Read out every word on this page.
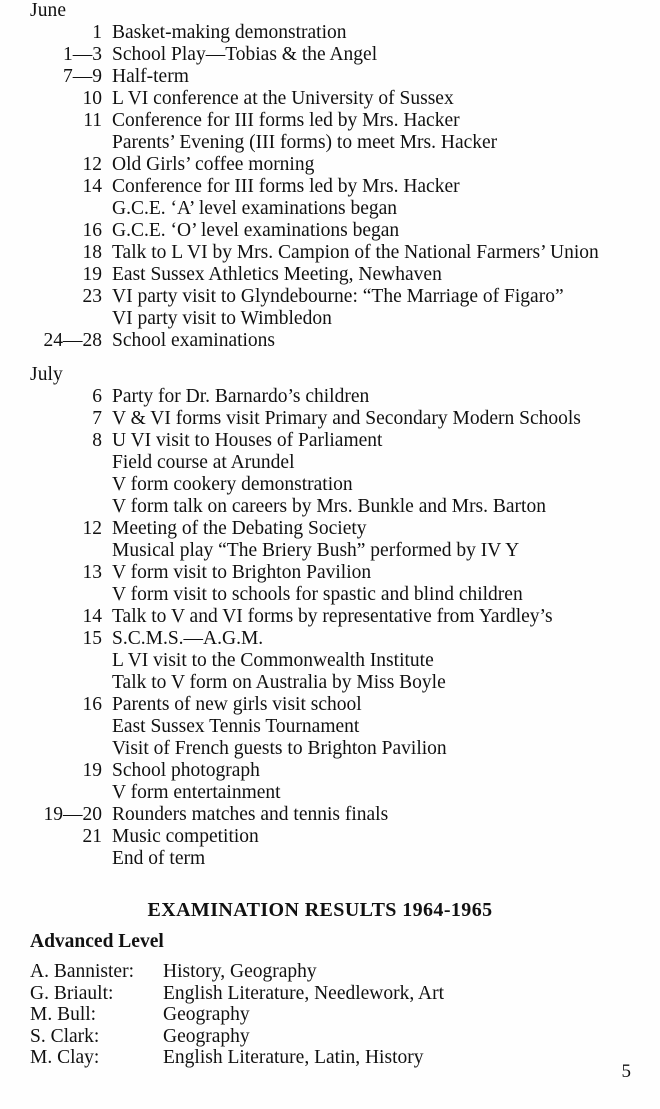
June
1 Basket-making demonstration
1—3 School Play—Tobias & the Angel
7—9 Half-term
10 L VI conference at the University of Sussex
11 Conference for III forms led by Mrs. Hacker
Parents’ Evening (III forms) to meet Mrs. Hacker
12 Old Girls’ coffee morning
14 Conference for III forms led by Mrs. Hacker
G.C.E. ‘A’ level examinations began
16 G.C.E. ‘O’ level examinations began
18 Talk to L VI by Mrs. Campion of the National Farmers’ Union
19 East Sussex Athletics Meeting, Newhaven
23 VI party visit to Glyndebourne: “The Marriage of Figaro”
VI party visit to Wimbledon
24—28 School examinations
July
6 Party for Dr. Barnardo’s children
7 V & VI forms visit Primary and Secondary Modern Schools
8 U VI visit to Houses of Parliament
Field course at Arundel
V form cookery demonstration
V form talk on careers by Mrs. Bunkle and Mrs. Barton
12 Meeting of the Debating Society
Musical play “The Briery Bush” performed by IV Y
13 V form visit to Brighton Pavilion
V form visit to schools for spastic and blind children
14 Talk to V and VI forms by representative from Yardley’s
15 S.C.M.S.—A.G.M.
L VI visit to the Commonwealth Institute
Talk to V form on Australia by Miss Boyle
16 Parents of new girls visit school
East Sussex Tennis Tournament
Visit of French guests to Brighton Pavilion
19 School photograph
V form entertainment
19—20 Rounders matches and tennis finals
21 Music competition
End of term
EXAMINATION RESULTS 1964-1965
Advanced Level
A. Bannister:	History, Geography
G. Briault:	English Literature, Needlework, Art
M. Bull:	Geography
S. Clark:	Geography
M. Clay:	English Literature, Latin, History
5
